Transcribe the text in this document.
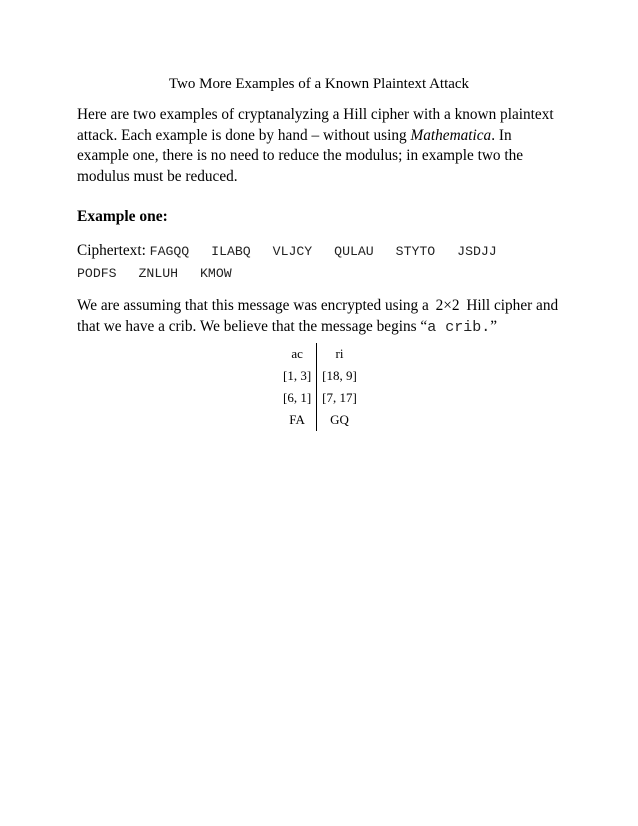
Two More Examples of a Known Plaintext Attack

Here are two examples of cryptanalyzing a Hill cipher with a known plaintext attack. Each example is done by hand – without using Mathematica. In example one, there is no need to reduce the modulus; in example two the modulus must be reduced.

Example one:
Ciphertext: FAGQQ ILABQ VLJCY QULAU STYTO JSDJJ PODFS ZNLUH KMOW

We are assuming that this message was encrypted using a 2×2 Hill cipher and that we have a crib. We believe that the message begins “a crib.”

ac	ri
[1, 3]	[18, 9]
[6, 1]	[7, 17]
FA	GQ
